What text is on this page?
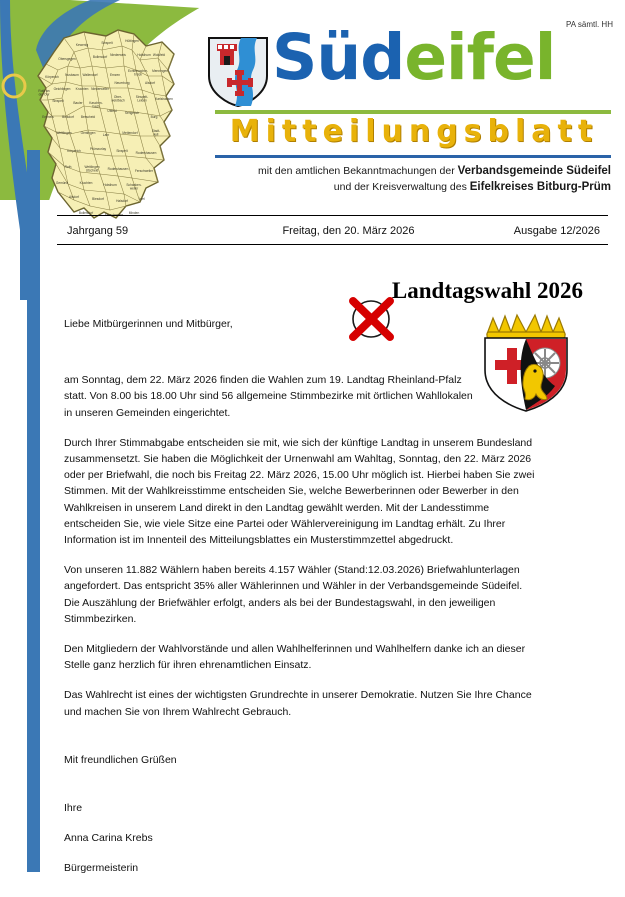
Sinspelt	Hüttingen
Kewenig
Niederweis
Bollendorf	Holsthum Wolsfeld
Obersgegen
Echternacher-brück
Menningen
Körperich Nusbaum Wallendorf	Ernzen
Roth an der Our
Geichlingen Kruchten Niederweiler
Neuerburg	Alsdorf
Sinspelt	Bauler Kaschen-bach
Ober-weidbach
Sinspelt-Leiden	Karlshausen
Emmels	Biesdorf Berscheid
Üttfeld	Sengerich
Burg
Wettlingen	Gentingen Lahr	Mettendorf	Stadt-kyll
Körperich	Prümzurlay	Sinspelt Rodershausen
Roth	Wettlingen Utscheid	Rodershausen Ferschweiler
Gemünd	Kruchten	Holsthum	Schanken-weiler
Alsdorf	Biesdorf	Halsdorf	Irrel
Bollendorf	Minden
Südeifel
Mitteilungsblatt
mit den amtlichen Bekanntmachungen der Verbandsgemeinde Südeifel
und der Kreisverwaltung des Eifelkreises Bitburg-Prüm
PA sämtl. HH
Jahrgang 59	Freitag, den 20. März 2026	Ausgabe 12/2026
Landtagswahl 2026

Liebe Mitbürgerinnen und Mitbürger,

am Sonntag, dem 22. März 2026 finden die Wahlen zum 19. Landtag Rheinland-Pfalz statt. Von 8.00 bis 18.00 Uhr sind 56 allgemeine Stimmbezirke mit örtlichen Wahllokalen in unseren Gemeinden eingerichtet.

Durch Ihrer Stimmabgabe entscheiden sie mit, wie sich der künftige Landtag in unserem Bundesland zusammensetzt. Sie haben die Möglichkeit der Urnenwahl am Wahltag, Sonntag, den 22. März 2026 oder per Briefwahl, die noch bis Freitag 22. März 2026, 15.00 Uhr möglich ist. Hierbei haben Sie zwei Stimmen. Mit der Wahlkreisstimme entscheiden Sie, welche Bewerberinnen oder Bewerber in den Wahlkreisen in unserem Land direkt in den Landtag gewählt werden. Mit der Landesstimme entscheiden Sie, wie viele Sitze eine Partei oder Wählervereinigung im Landtag erhält. Zu Ihrer Information ist im Innenteil des Mitteilungsblattes ein Musterstimmzettel abgedruckt.

Von unseren 11.882 Wählern haben bereits 4.157 Wähler (Stand:12.03.2026) Briefwahlunterlagen angefordert. Das entspricht 35% aller Wählerinnen und Wähler in der Verbandsgemeinde Südeifel. Die Auszählung der Briefwähler erfolgt, anders als bei der Bundestagswahl, in den jeweiligen Stimmbezirken.

Den Mitgliedern der Wahlvorstände und allen Wahlhelferinnen und Wahlhelfern danke ich an dieser Stelle ganz herzlich für ihren ehrenamtlichen Einsatz.

Das Wahlrecht ist eines der wichtigsten Grundrechte in unserer Demokratie. Nutzen Sie Ihre Chance und machen Sie von Ihrem Wahlrecht Gebrauch.

Mit freundlichen Grüßen

Ihre

Anna Carina Krebs

Bürgermeisterin
